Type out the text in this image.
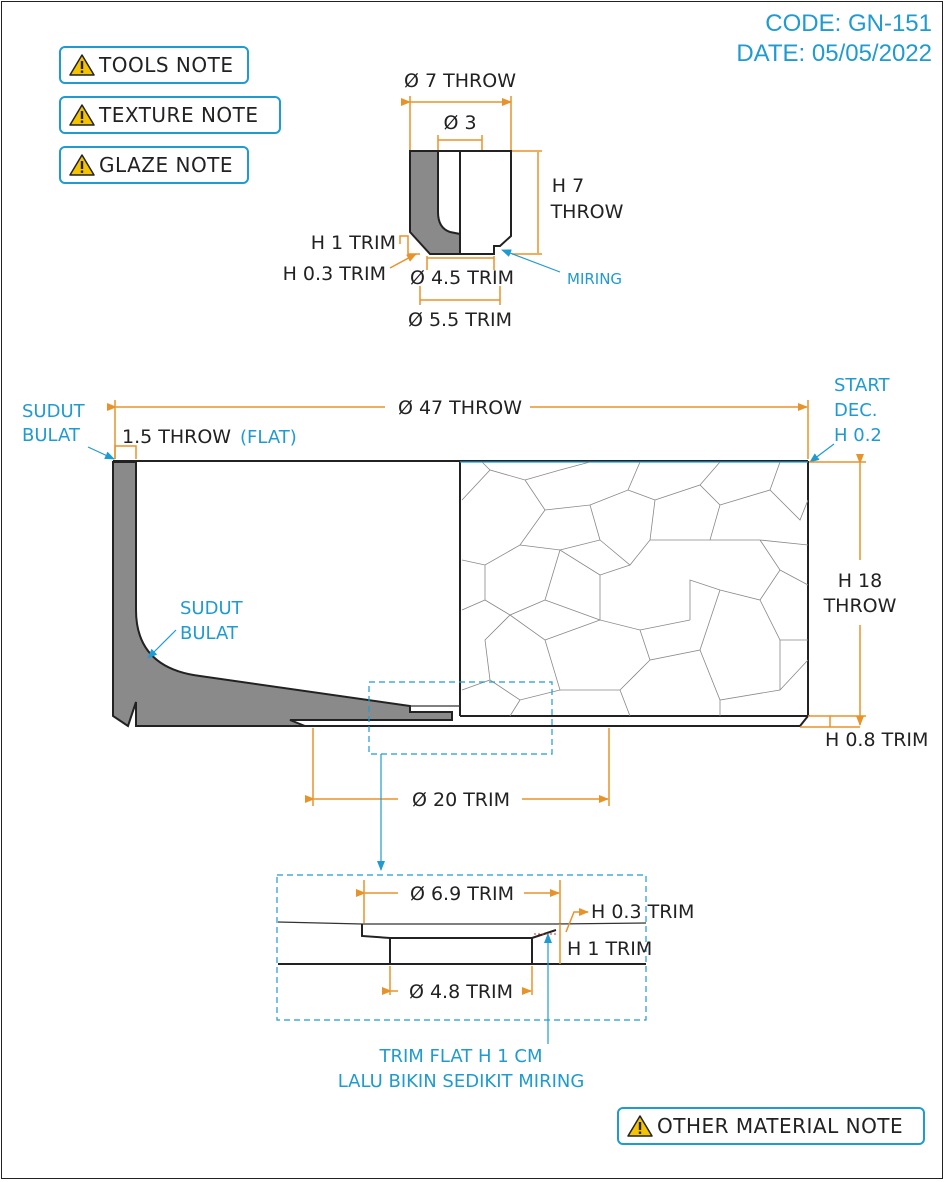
CODE: GN-151
DATE: 05/05/2022
TOOLS NOTE
TEXTURE NOTE
GLAZE NOTE
OTHER MATERIAL NOTE
Ø 7 THROW
Ø 3
H 7
THROW
H 1 TRIM
H 0.3 TRIM Ø 4.5 TRIM
Ø 5.5 TRIM
MIRING
Ø 47 THROW
1.5 THROW (FLAT)
SUDUT
BULAT
SUDUT
BULAT
START
DEC.
H 0.2
H 18
THROW
H 0.8 TRIM
Ø 20 TRIM
Ø 6.9 TRIM
H 0.3 TRIM
H 1 TRIM
Ø 4.8 TRIM
TRIM FLAT H 1 CM
LALU BIKIN SEDIKIT MIRING
